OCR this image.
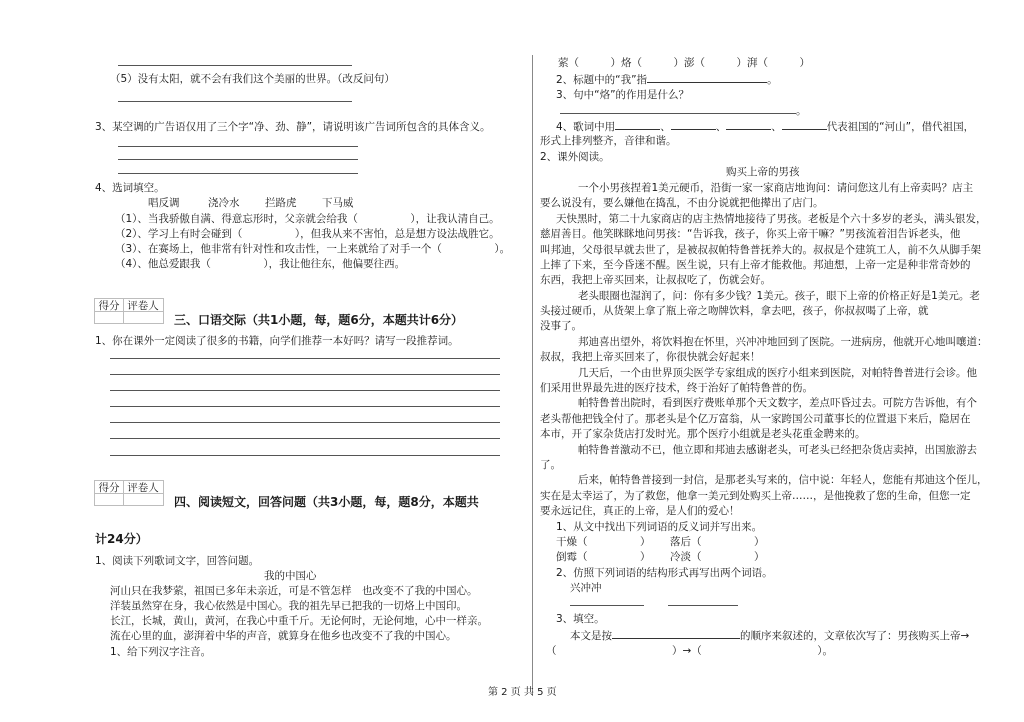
（5）没有太阳，就不会有我们这个美丽的世界。（改反问句）
3、某空调的广告语仅用了三个字“净、劲、静”，请说明该广告词所包含的具体含义。
4、选词填空。
唱反调	浇冷水 拦路虎 下马威
（1）、当我骄傲自满、得意忘形时，父亲就会给我（　　　　　），让我认清自己。
（2）、学习上有时会碰到（　　　　　），但我从来不害怕，总是想方设法战胜它。
（3）、在赛场上，他非常有针对性和攻击性，一上来就给了对手一个（　　　　　）。
（4）、他总爱跟我（　　　　　），我让他往东，他偏要往西。
得分 评卷人
三、口语交际（共1小题，每，题6分，本题共计6分）
1、你在课外一定阅读了很多的书籍，向学们推荐一本好吗？请写一段推荐词。
得分 评卷人
四、阅读短文，回答问题（共3小题，每，题8分，本题共
计24分）
1、阅读下列歌词文字，回答问题。
我的中国心
河山只在我梦萦，祖国已多年未亲近，可是不管怎样　也改变不了我的中国心。
洋装虽然穿在身，我心依然是中国心。我的祖先早已把我的一切烙上中国印。
长江，长城，黄山，黄河，在我心中重千斤。无论何时，无论何地，心中一样亲。
流在心里的血，澎湃着中华的声音，就算身在他乡也改变不了我的中国心。
1、给下列汉字注音。
萦（　　　）烙（　　　）澎（　　　）湃（　　　）
2、标题中的“我”指	。
3、句中“烙”的作用是什么？
。
4、歌词中用	、	、	、	代表祖国的“河山”，借代祖国，
形式上排列整齐，音律和谐。
2、课外阅读。
购买上帝的男孩
一个小男孩捏着1美元硬币，沿街一家一家商店地询问：请问您这儿有上帝卖吗？店主
要么说没有，要么嫌他在捣乱，不由分说就把他撵出了店门。
天快黑时，第二十九家商店的店主热情地接待了男孩。老板是个六十多岁的老头，满头银发，
慈眉善目。他笑眯眯地问男孩：“告诉我，孩子，你买上帝干嘛？”男孩流着泪告诉老头，他
叫邦迪，父母很早就去世了，是被叔叔帕特鲁普抚养大的。叔叔是个建筑工人，前不久从脚手架
上摔了下来，至今昏迷不醒。医生说，只有上帝才能救他。邦迪想，上帝一定是种非常奇妙的
东西，我把上帝买回来，让叔叔吃了，伤就会好。
老头眼圈也湿润了，问：你有多少钱？1美元。孩子，眼下上帝的价格正好是1美元。老
头接过硬币，从货架上拿了瓶上帝之吻牌饮料，拿去吧，孩子，你叔叔喝了上帝，就
没事了。
邦迪喜出望外，将饮料抱在怀里，兴冲冲地回到了医院。一进病房，他就开心地叫嚷道：
叔叔，我把上帝买回来了，你很快就会好起来！
几天后，一个由世界顶尖医学专家组成的医疗小组来到医院，对帕特鲁普进行会诊。他
们采用世界最先进的医疗技术，终于治好了帕特鲁普的伤。
帕特鲁普出院时，看到医疗费账单那个天文数字，差点吓昏过去。可院方告诉他，有个
老头帮他把钱全付了。那老头是个亿万富翁，从一家跨国公司董事长的位置退下来后，隐居在
本市，开了家杂货店打发时光。那个医疗小组就是老头花重金聘来的。
帕特鲁普激动不已，他立即和邦迪去感谢老头，可老头已经把杂货店卖掉，出国旅游去
了。
后来，帕特鲁普接到一封信，是那老头写来的，信中说：年轻人，您能有邦迪这个侄儿，
实在是太幸运了，为了救您，他拿一美元到处购买上帝……，是他挽救了您的生命，但您一定
要永远记住，真正的上帝，是人们的爱心！
1、从文中找出下列词语的反义词并写出来。
干燥（　　　　　） 落后（　　　　　）
倒霉（　　　　　） 冷淡（　　　　　）
2、仿照下列词语的结构形式再写出两个词语。
兴冲冲
3、填空。
本文是按	的顺序来叙述的，文章依次写了：男孩购买上帝→
（　　　　　　　　　　　）→（　　　　　　　　　　　）。
第 2 页 共 5 页
